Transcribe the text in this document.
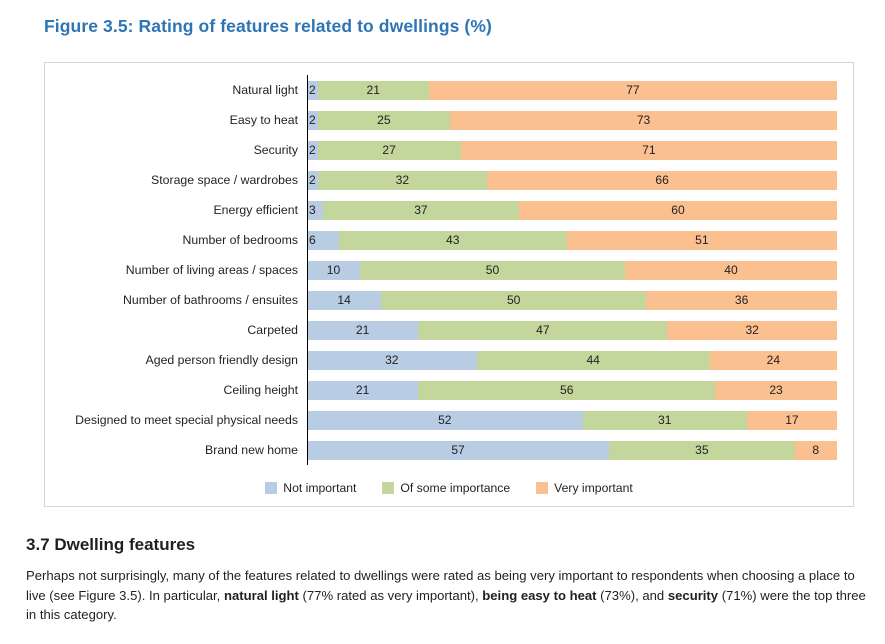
Figure 3.5: Rating of features related to dwellings (%)
Natural light 2	21	77
Easy to heat 2	25	73
Security 2	27	71
Storage space / wardrobes 2	32	66
Energy efficient 3	37	60
Number of bedrooms 6	43	51
Number of living areas / spaces	10	50	40
Number of bathrooms / ensuites	14	50	36
Carpeted	21	47	32
Aged person friendly design	32	44	24
Ceiling height	21	56	23
Designed to meet special physical needs	52	31	17
Brand new home	57	35	8
Not important	Of some importance	Very important
3.7 Dwelling features
Perhaps not surprisingly, many of the features related to dwellings were rated as being very important to respondents when choosing a place to live (see Figure 3.5). In particular, natural light (77% rated as very important), being easy to heat (73%), and security (71%) were the top three in this category.
